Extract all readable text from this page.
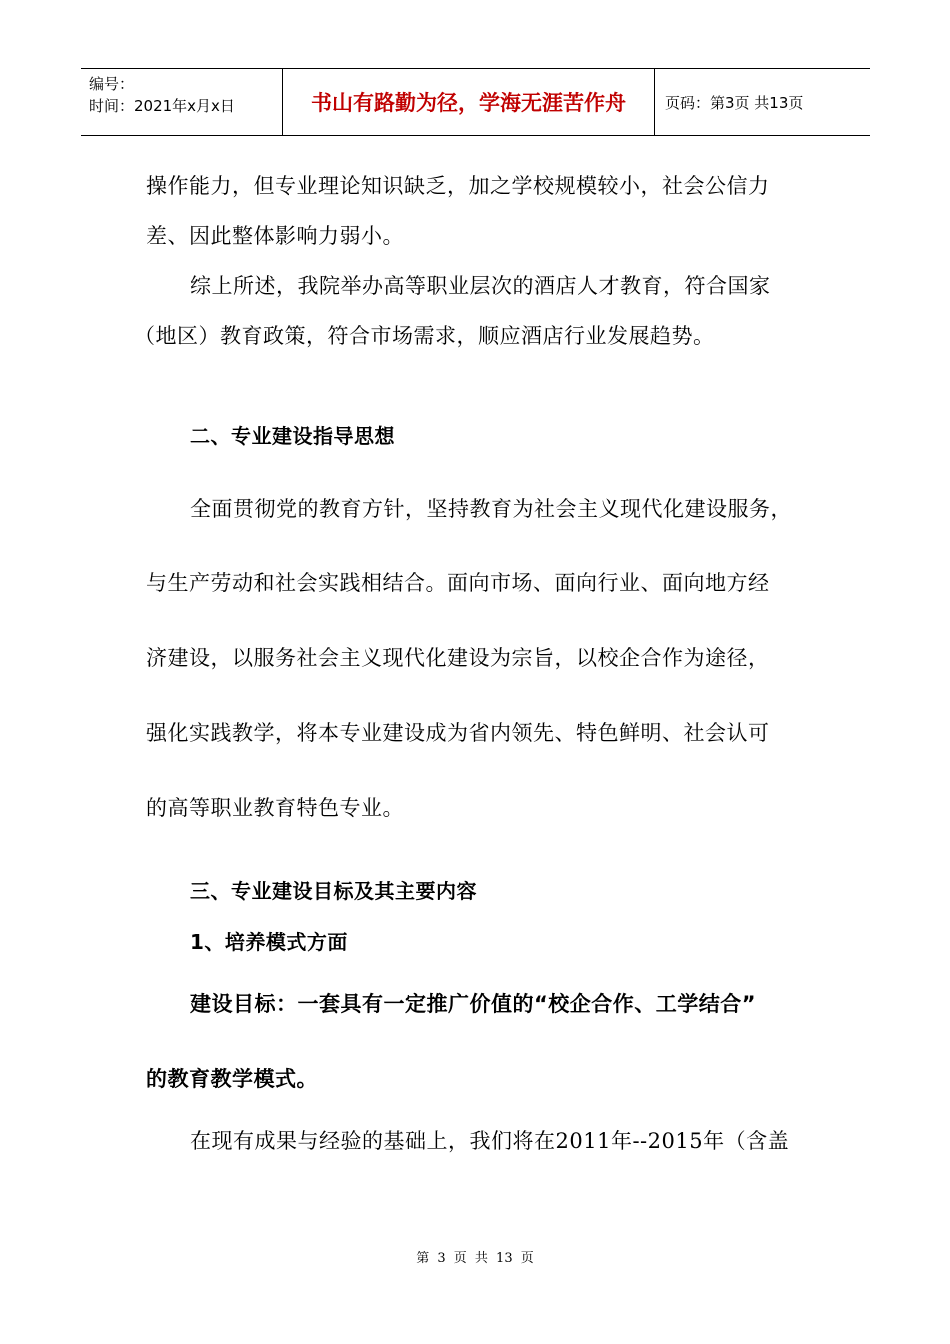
编号：
时间：2021年x月x日	书山有路勤为径，学海无涯苦作舟	页码：第3页 共13页
操作能力，但专业理论知识缺乏，加之学校规模较小，社会公信力
差、因此整体影响力弱小。
综上所述，我院举办高等职业层次的酒店人才教育，符合国家
（地区）教育政策，符合市场需求，顺应酒店行业发展趋势。
二、专业建设指导思想
全面贯彻党的教育方针，坚持教育为社会主义现代化建设服务，
与生产劳动和社会实践相结合。面向市场、面向行业、面向地方经
济建设，以服务社会主义现代化建设为宗旨，以校企合作为途径，
强化实践教学，将本专业建设成为省内领先、特色鲜明、社会认可
的高等职业教育特色专业。
三、专业建设目标及其主要内容
1、培养模式方面
建设目标：一套具有一定推广价值的“校企合作、工学结合”
的教育教学模式。
在现有成果与经验的基础上，我们将在2011年--2015年（含盖
第 3 页 共 13 页
